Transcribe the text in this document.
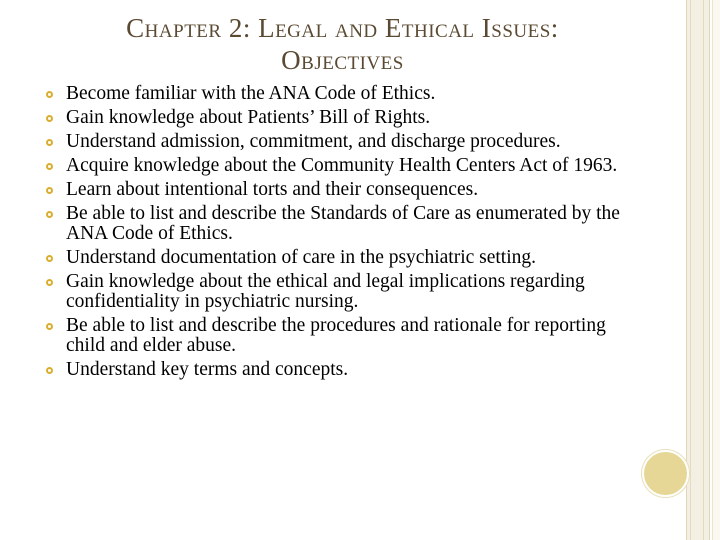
Chapter 2: Legal and Ethical Issues:
Objectives
Become familiar with the ANA Code of Ethics.
Gain knowledge about Patients’ Bill of Rights.
Understand admission, commitment, and discharge procedures.
Acquire knowledge about the Community Health Centers Act of 1963.
Learn about intentional torts and their consequences.
Be able to list and describe the Standards of Care as enumerated by the ANA Code of Ethics.
Understand documentation of care in the psychiatric setting.
Gain knowledge about the ethical and legal implications regarding confidentiality in psychiatric nursing.
Be able to list and describe the procedures and rationale for reporting child and elder abuse.
Understand key terms and concepts.
